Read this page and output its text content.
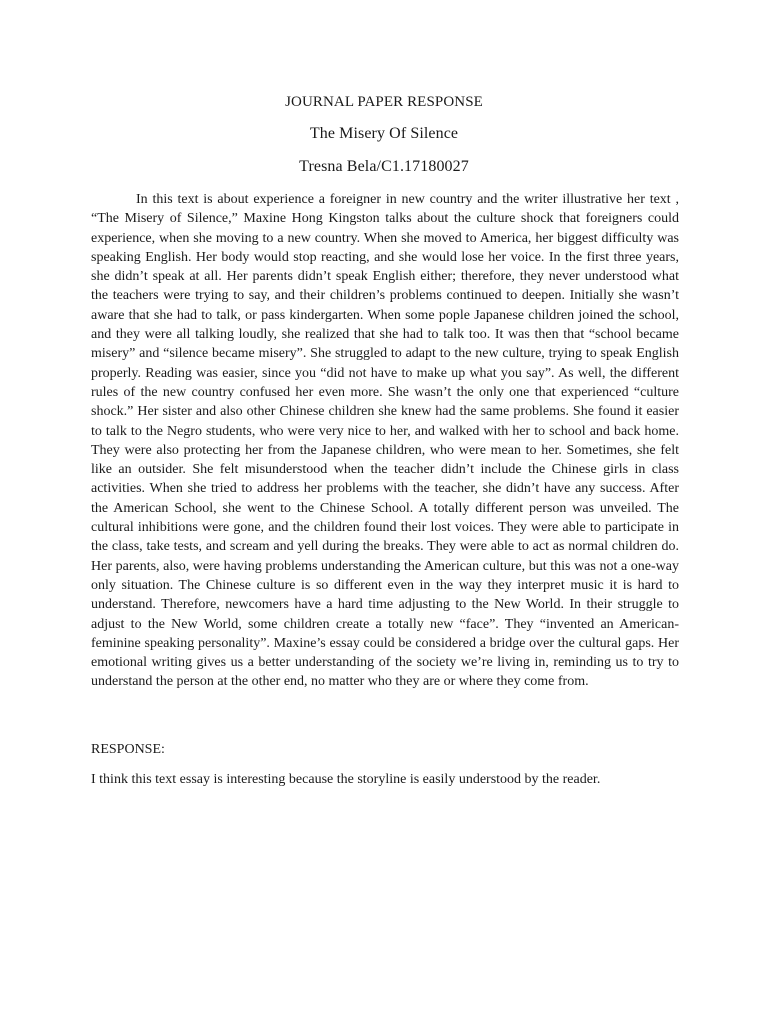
JOURNAL PAPER RESPONSE
The Misery Of Silence
Tresna Bela/C1.17180027

In this text is about experience a foreigner in new country and the writer illustrative her text , “The Misery of Silence,” Maxine Hong Kingston talks about the culture shock that foreigners could experience, when she moving to a new country. When she moved to America, her biggest difficulty was speaking English. Her body would stop reacting, and she would lose her voice. In the first three years, she didn’t speak at all. Her parents didn’t speak English either; therefore, they never understood what the teachers were trying to say, and their children’s problems continued to deepen. Initially she wasn’t aware that she had to talk, or pass kindergarten. When some pople Japanese children joined the school, and they were all talking loudly, she realized that she had to talk too. It was then that “school became misery” and “silence became misery”. She struggled to adapt to the new culture, trying to speak English properly. Reading was easier, since you “did not have to make up what you say”. As well, the different rules of the new country confused her even more. She wasn’t the only one that experienced “culture shock.” Her sister and also other Chinese children she knew had the same problems. She found it easier to talk to the Negro students, who were very nice to her, and walked with her to school and back home. They were also protecting her from the Japanese children, who were mean to her. Sometimes, she felt like an outsider. She felt misunderstood when the teacher didn’t include the Chinese girls in class activities. When she tried to address her problems with the teacher, she didn’t have any success. After the American School, she went to the Chinese School. A totally different person was unveiled. The cultural inhibitions were gone, and the children found their lost voices. They were able to participate in the class, take tests, and scream and yell during the breaks. They were able to act as normal children do. Her parents, also, were having problems understanding the American culture, but this was not a one-way only situation. The Chinese culture is so different even in the way they interpret music it is hard to understand. Therefore, newcomers have a hard time adjusting to the New World. In their struggle to adjust to the New World, some children create a totally new “face”. They “invented an American-feminine speaking personality”. Maxine’s essay could be considered a bridge over the cultural gaps. Her emotional writing gives us a better understanding of the society we’re living in, reminding us to try to understand the person at the other end, no matter who they are or where they come from.

RESPONSE:

I think this text essay is interesting because the storyline is easily understood by the reader.
